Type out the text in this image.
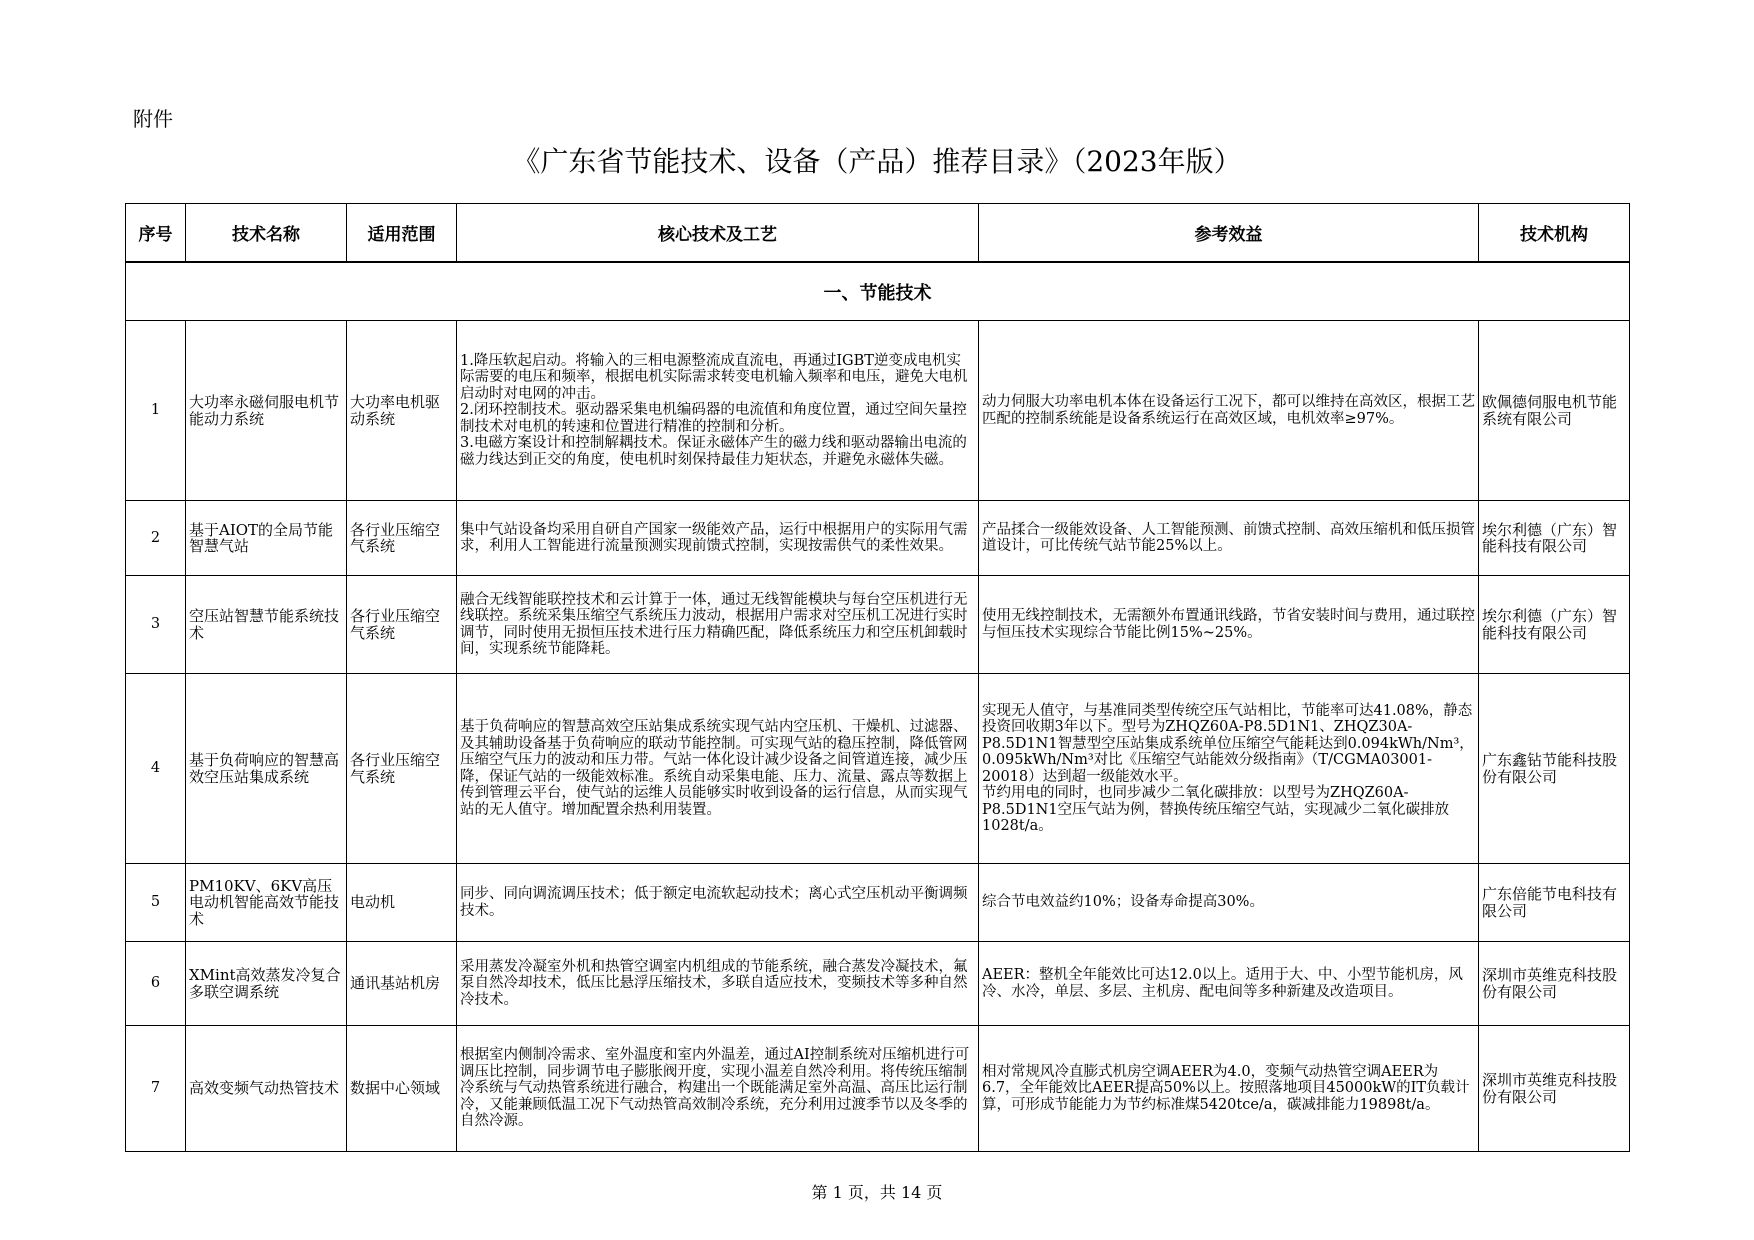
附件
《广东省节能技术、设备（产品）推荐目录》（2023年版）
序号	技术名称	适用范围	核心技术及工艺	参考效益	技术机构
一、节能技术					
1	大功率永磁伺服电机节能动力系统	大功率电机驱动系统	1.降压软起启动。将输入的三相电源整流成直流电，再通过IGBT逆变成电机实际需要的电压和频率，根据电机实际需求转变电机输入频率和电压，避免大电机启动时对电网的冲击。
2.闭环控制技术。驱动器采集电机编码器的电流值和角度位置，通过空间矢量控制技术对电机的转速和位置进行精准的控制和分析。
3.电磁方案设计和控制解耦技术。保证永磁体产生的磁力线和驱动器输出电流的磁力线达到正交的角度，使电机时刻保持最佳力矩状态，并避免永磁体失磁。	动力伺服大功率电机本体在设备运行工况下，都可以维持在高效区，根据工艺匹配的控制系统能是设备系统运行在高效区域，电机效率≥97%。	欧佩德伺服电机节能系统有限公司
2	基于AIOT的全局节能智慧气站	各行业压缩空气系统	集中气站设备均采用自研自产国家一级能效产品，运行中根据用户的实际用气需求，利用人工智能进行流量预测实现前馈式控制，实现按需供气的柔性效果。	产品揉合一级能效设备、人工智能预测、前馈式控制、高效压缩机和低压损管道设计，可比传统气站节能25%以上。	埃尔利德（广东）智能科技有限公司
3	空压站智慧节能系统技术	各行业压缩空气系统	融合无线智能联控技术和云计算于一体，通过无线智能模块与每台空压机进行无线联控。系统采集压缩空气系统压力波动，根据用户需求对空压机工况进行实时调节，同时使用无损恒压技术进行压力精确匹配，降低系统压力和空压机卸载时间，实现系统节能降耗。	使用无线控制技术，无需额外布置通讯线路，节省安装时间与费用，通过联控与恒压技术实现综合节能比例15%~25%。	埃尔利德（广东）智能科技有限公司
4	基于负荷响应的智慧高效空压站集成系统	各行业压缩空气系统	基于负荷响应的智慧高效空压站集成系统实现气站内空压机、干燥机、过滤器、及其辅助设备基于负荷响应的联动节能控制。可实现气站的稳压控制，降低管网压缩空气压力的波动和压力带。气站一体化设计减少设备之间管道连接，减少压降，保证气站的一级能效标准。系统自动采集电能、压力、流量、露点等数据上传到管理云平台，使气站的运维人员能够实时收到设备的运行信息，从而实现气站的无人值守。增加配置余热利用装置。	实现无人值守，与基准同类型传统空压气站相比，节能率可达41.08%，静态投资回收期3年以下。型号为ZHQZ60A-P8.5D1N1、ZHQZ30A-P8.5D1N1智慧型空压站集成系统单位压缩空气能耗达到0.094kWh/Nm³，0.095kWh/Nm³对比《压缩空气站能效分级指南》（T/CGMA03001-20018）达到超一级能效水平。
节约用电的同时，也同步减少二氧化碳排放：以型号为ZHQZ60A-P8.5D1N1空压气站为例，替换传统压缩空气站，实现减少二氧化碳排放1028t/a。	广东鑫钻节能科技股份有限公司
5	PM10KV、6KV高压电动机智能高效节能技术	电动机	同步、同向调流调压技术；低于额定电流软起动技术；离心式空压机动平衡调频技术。	综合节电效益约10%；设备寿命提高30%。	广东倍能节电科技有限公司
6	XMint高效蒸发冷复合多联空调系统	通讯基站机房	采用蒸发冷凝室外机和热管空调室内机组成的节能系统，融合蒸发冷凝技术，氟泵自然冷却技术，低压比悬浮压缩技术，多联自适应技术，变频技术等多种自然冷技术。	AEER：整机全年能效比可达12.0以上。适用于大、中、小型节能机房，风冷、水冷，单层、多层、主机房、配电间等多种新建及改造项目。	深圳市英维克科技股份有限公司
7	高效变频气动热管技术	数据中心领域	根据室内侧制冷需求、室外温度和室内外温差，通过AI控制系统对压缩机进行可调压比控制，同步调节电子膨胀阀开度，实现小温差自然冷利用。将传统压缩制冷系统与气动热管系统进行融合，构建出一个既能满足室外高温、高压比运行制冷，又能兼顾低温工况下气动热管高效制冷系统，充分利用过渡季节以及冬季的自然冷源。	相对常规风冷直膨式机房空调AEER为4.0，变频气动热管空调AEER为6.7，全年能效比AEER提高50%以上。按照落地项目45000kW的IT负载计算，可形成节能能力为节约标准煤5420tce/a，碳减排能力19898t/a。	深圳市英维克科技股份有限公司
第 1 页，共 14 页
